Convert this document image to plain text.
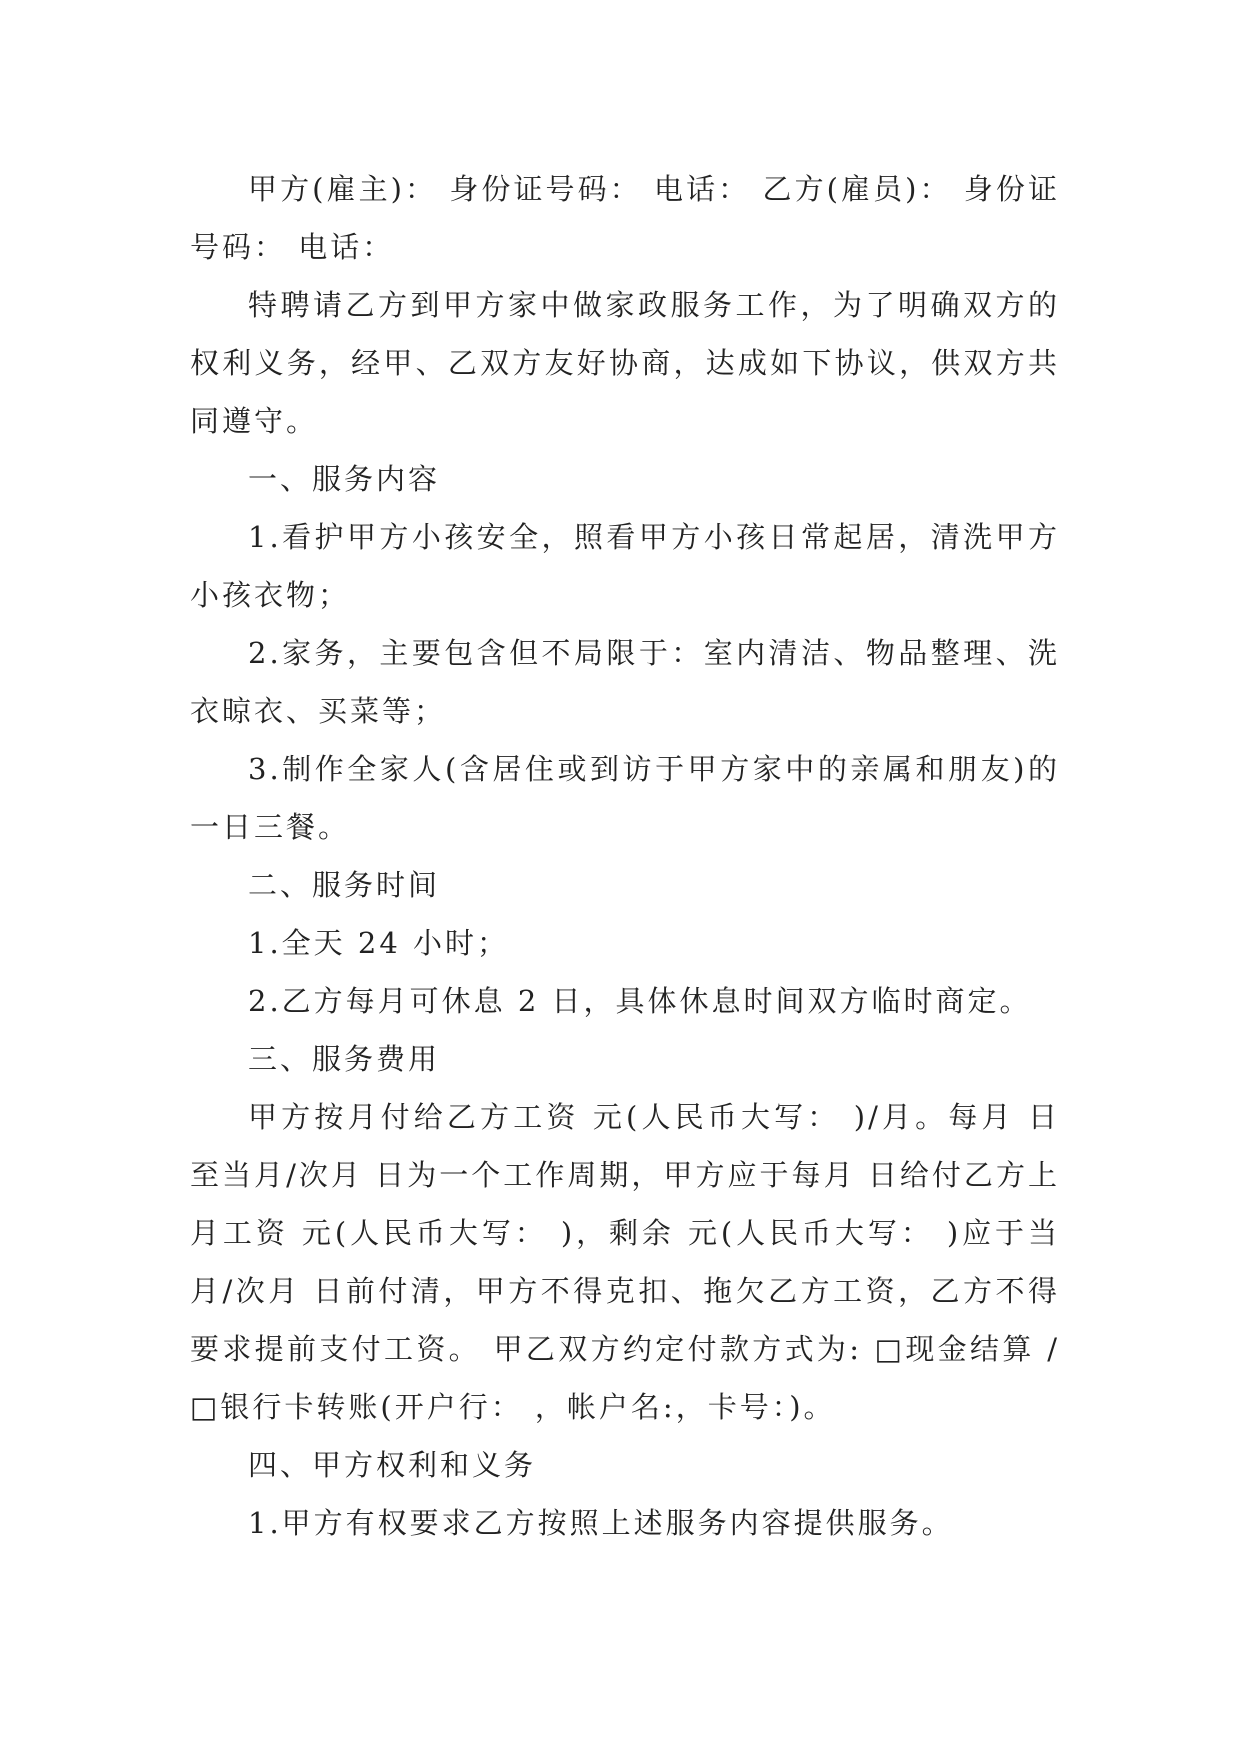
甲方(雇主)： 身份证号码： 电话： 乙方(雇员)： 身份证号码： 电话：

特聘请乙方到甲方家中做家政服务工作，为了明确双方的权利义务，经甲、乙双方友好协商，达成如下协议，供双方共同遵守。

一、服务内容

1.看护甲方小孩安全，照看甲方小孩日常起居，清洗甲方小孩衣物；

2.家务，主要包含但不局限于：室内清洁、物品整理、洗衣晾衣、买菜等；

3.制作全家人(含居住或到访于甲方家中的亲属和朋友)的一日三餐。

二、服务时间

1.全天 24 小时；

2.乙方每月可休息 2 日，具体休息时间双方临时商定。

三、服务费用

甲方按月付给乙方工资 元(人民币大写： )/月。每月 日至当月/次月 日为一个工作周期，甲方应于每月 日给付乙方上月工资 元(人民币大写： )，剩余 元(人民币大写： )应于当月/次月 日前付清，甲方不得克扣、拖欠乙方工资，乙方不得要求提前支付工资。 甲乙双方约定付款方式为: □现金结算 / □银行卡转账(开户行： ，帐户名:，卡号：)。

四、甲方权利和义务

1.甲方有权要求乙方按照上述服务内容提供服务。
